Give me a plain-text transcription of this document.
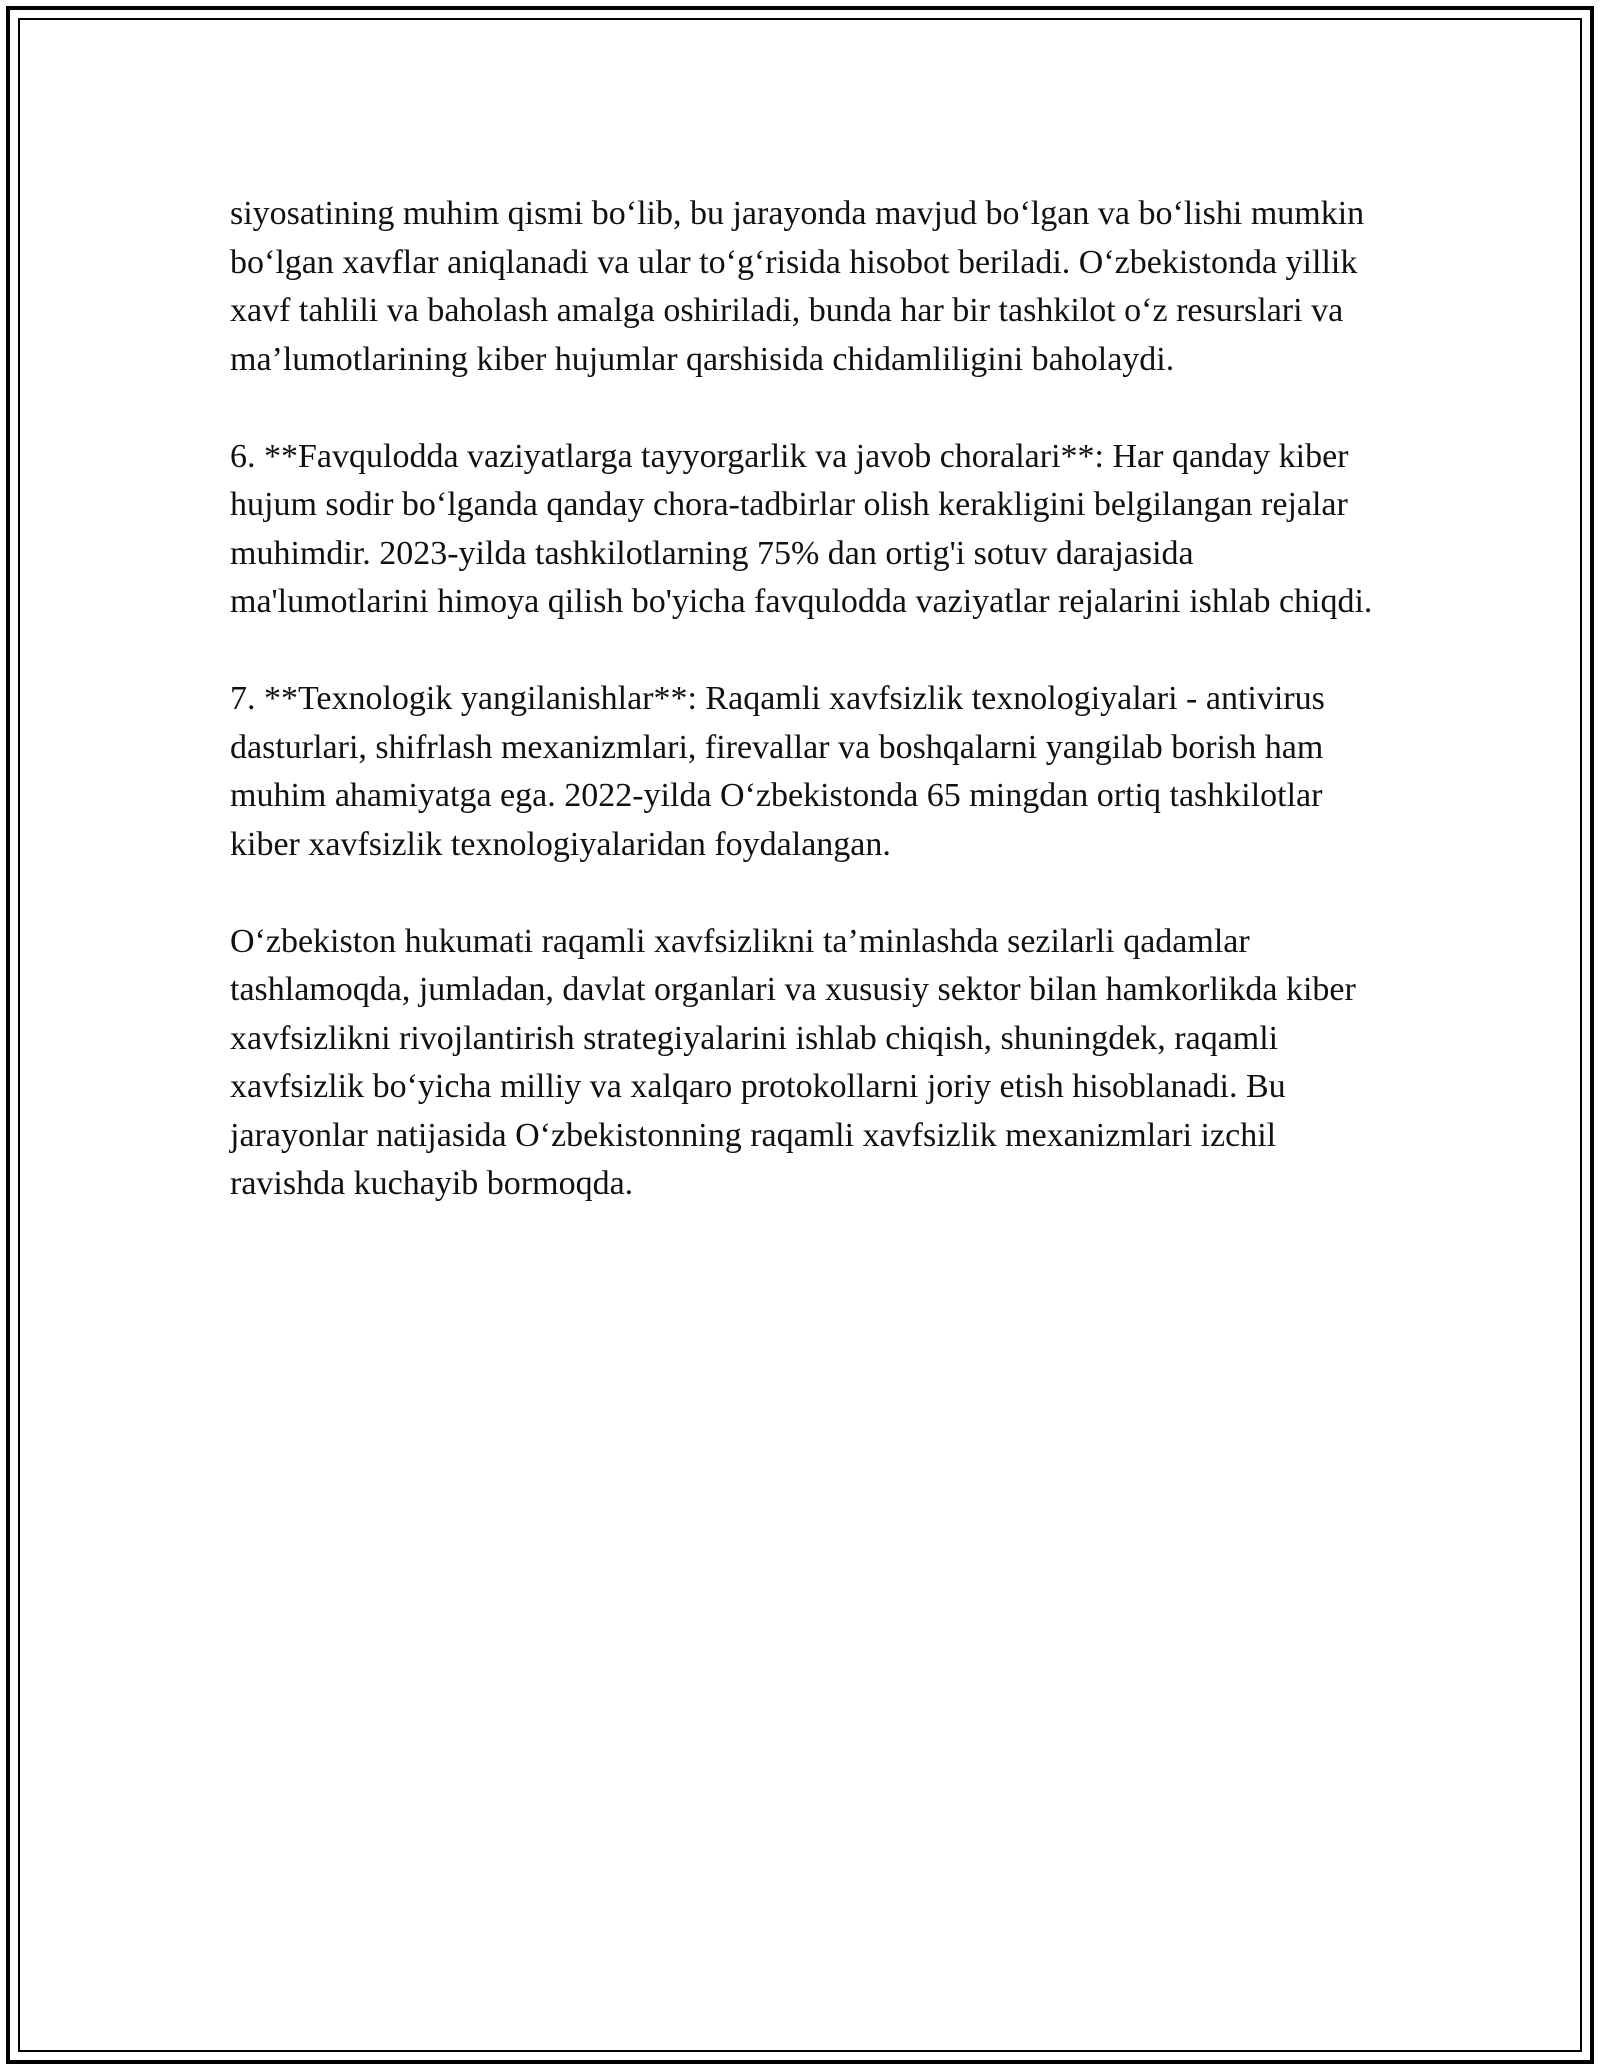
siyosatining muhim qismi bo‘lib, bu jarayonda mavjud bo‘lgan va bo‘lishi mumkin bo‘lgan xavflar aniqlanadi va ular to‘g‘risida hisobot beriladi. O‘zbekistonda yillik xavf tahlili va baholash amalga oshiriladi, bunda har bir tashkilot o‘z resurslari va ma’lumotlarining kiber hujumlar qarshisida chidamliligini baholaydi.

6. **Favqulodda vaziyatlarga tayyorgarlik va javob choralari**: Har qanday kiber hujum sodir bo‘lganda qanday chora-tadbirlar olish kerakligini belgilangan rejalar muhimdir. 2023-yilda tashkilotlarning 75% dan ortig'i sotuv darajasida ma'lumotlarini himoya qilish bo'yicha favqulodda vaziyatlar rejalarini ishlab chiqdi.

7. **Texnologik yangilanishlar**: Raqamli xavfsizlik texnologiyalari - antivirus dasturlari, shifrlash mexanizmlari, firevallar va boshqalarni yangilab borish ham muhim ahamiyatga ega. 2022-yilda O‘zbekistonda 65 mingdan ortiq tashkilotlar kiber xavfsizlik texnologiyalaridan foydalangan.

O‘zbekiston hukumati raqamli xavfsizlikni ta’minlashda sezilarli qadamlar tashlamoqda, jumladan, davlat organlari va xususiy sektor bilan hamkorlikda kiber xavfsizlikni rivojlantirish strategiyalarini ishlab chiqish, shuningdek, raqamli xavfsizlik bo‘yicha milliy va xalqaro protokollarni joriy etish hisoblanadi. Bu jarayonlar natijasida O‘zbekistonning raqamli xavfsizlik mexanizmlari izchil ravishda kuchayib bormoqda.
